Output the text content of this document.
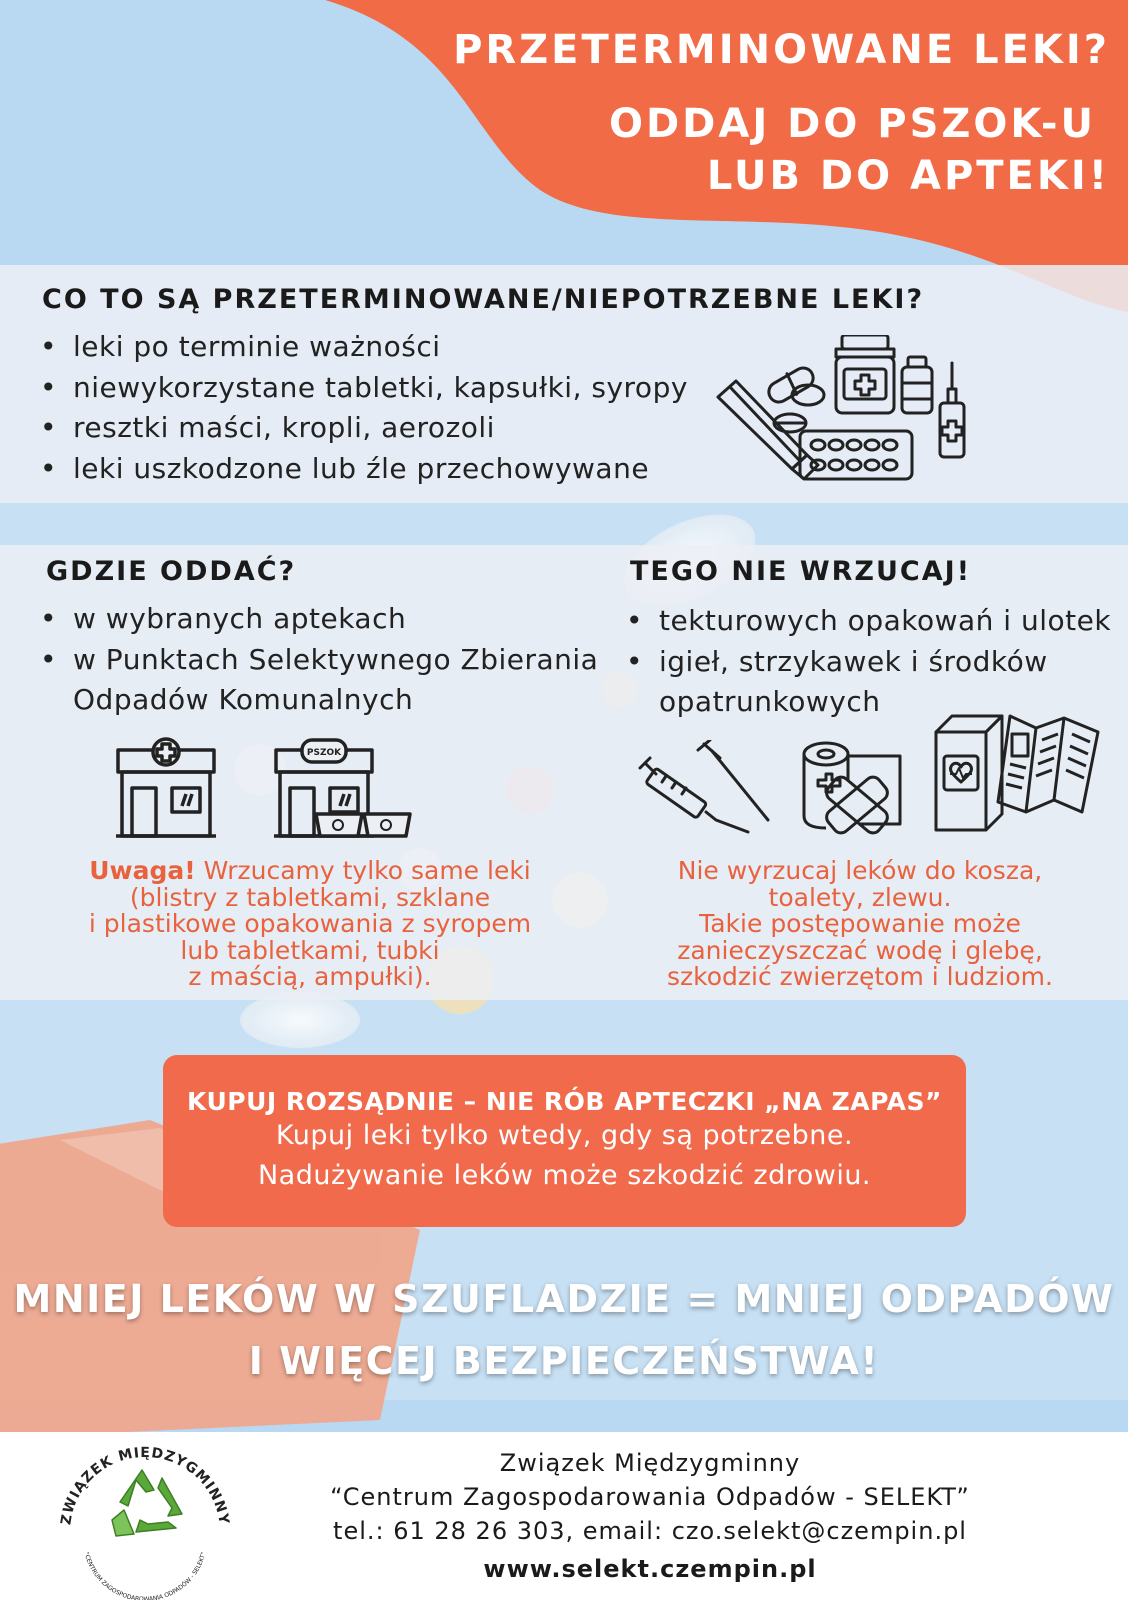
PRZETERMINOWANE LEKI?
ODDAJ DO PSZOK-U
LUB DO APTEKI!
CO TO SĄ PRZETERMINOWANE/NIEPOTRZEBNE LEKI?
• leki po terminie ważności
• niewykorzystane tabletki, kapsułki, syropy
• resztki maści, kropli, aerozoli
• leki uszkodzone lub źle przechowywane
GDZIE ODDAĆ?
• w wybranych aptekach
• w Punktach Selektywnego Zbierania Odpadów Komunalnych
TEGO NIE WRZUCAJ!
• tekturowych opakowań i ulotek
• igieł, strzykawek i środków opatrunkowych
PSZOK
Uwaga! Wrzucamy tylko same leki
(blistry z tabletkami, szklane
i plastikowe opakowania z syropem
lub tabletkami, tubki
z maścią, ampułki).
Nie wyrzucaj leków do kosza,
toalety, zlewu.
Takie postępowanie może
zanieczyszczać wodę i glebę,
szkodzić zwierzętom i ludziom.
KUPUJ ROZSĄDNIE – NIE RÓB APTECZKI „NA ZAPAS”
Kupuj leki tylko wtedy, gdy są potrzebne.
Nadużywanie leków może szkodzić zdrowiu.
MNIEJ LEKÓW W SZUFLADZIE = MNIEJ ODPADÓW
I WIĘCEJ BEZPIECZEŃSTWA!
ZWIĄZEK MIĘDZYGMINNY
"CENTRUM ZAGOSPODAROWANIA ODPADÓW - SELEKT"
Związek Międzygminny
“Centrum Zagospodarowania Odpadów - SELEKT”
tel.: 61 28 26 303, email: czo.selekt@czempin.pl
www.selekt.czempin.pl
